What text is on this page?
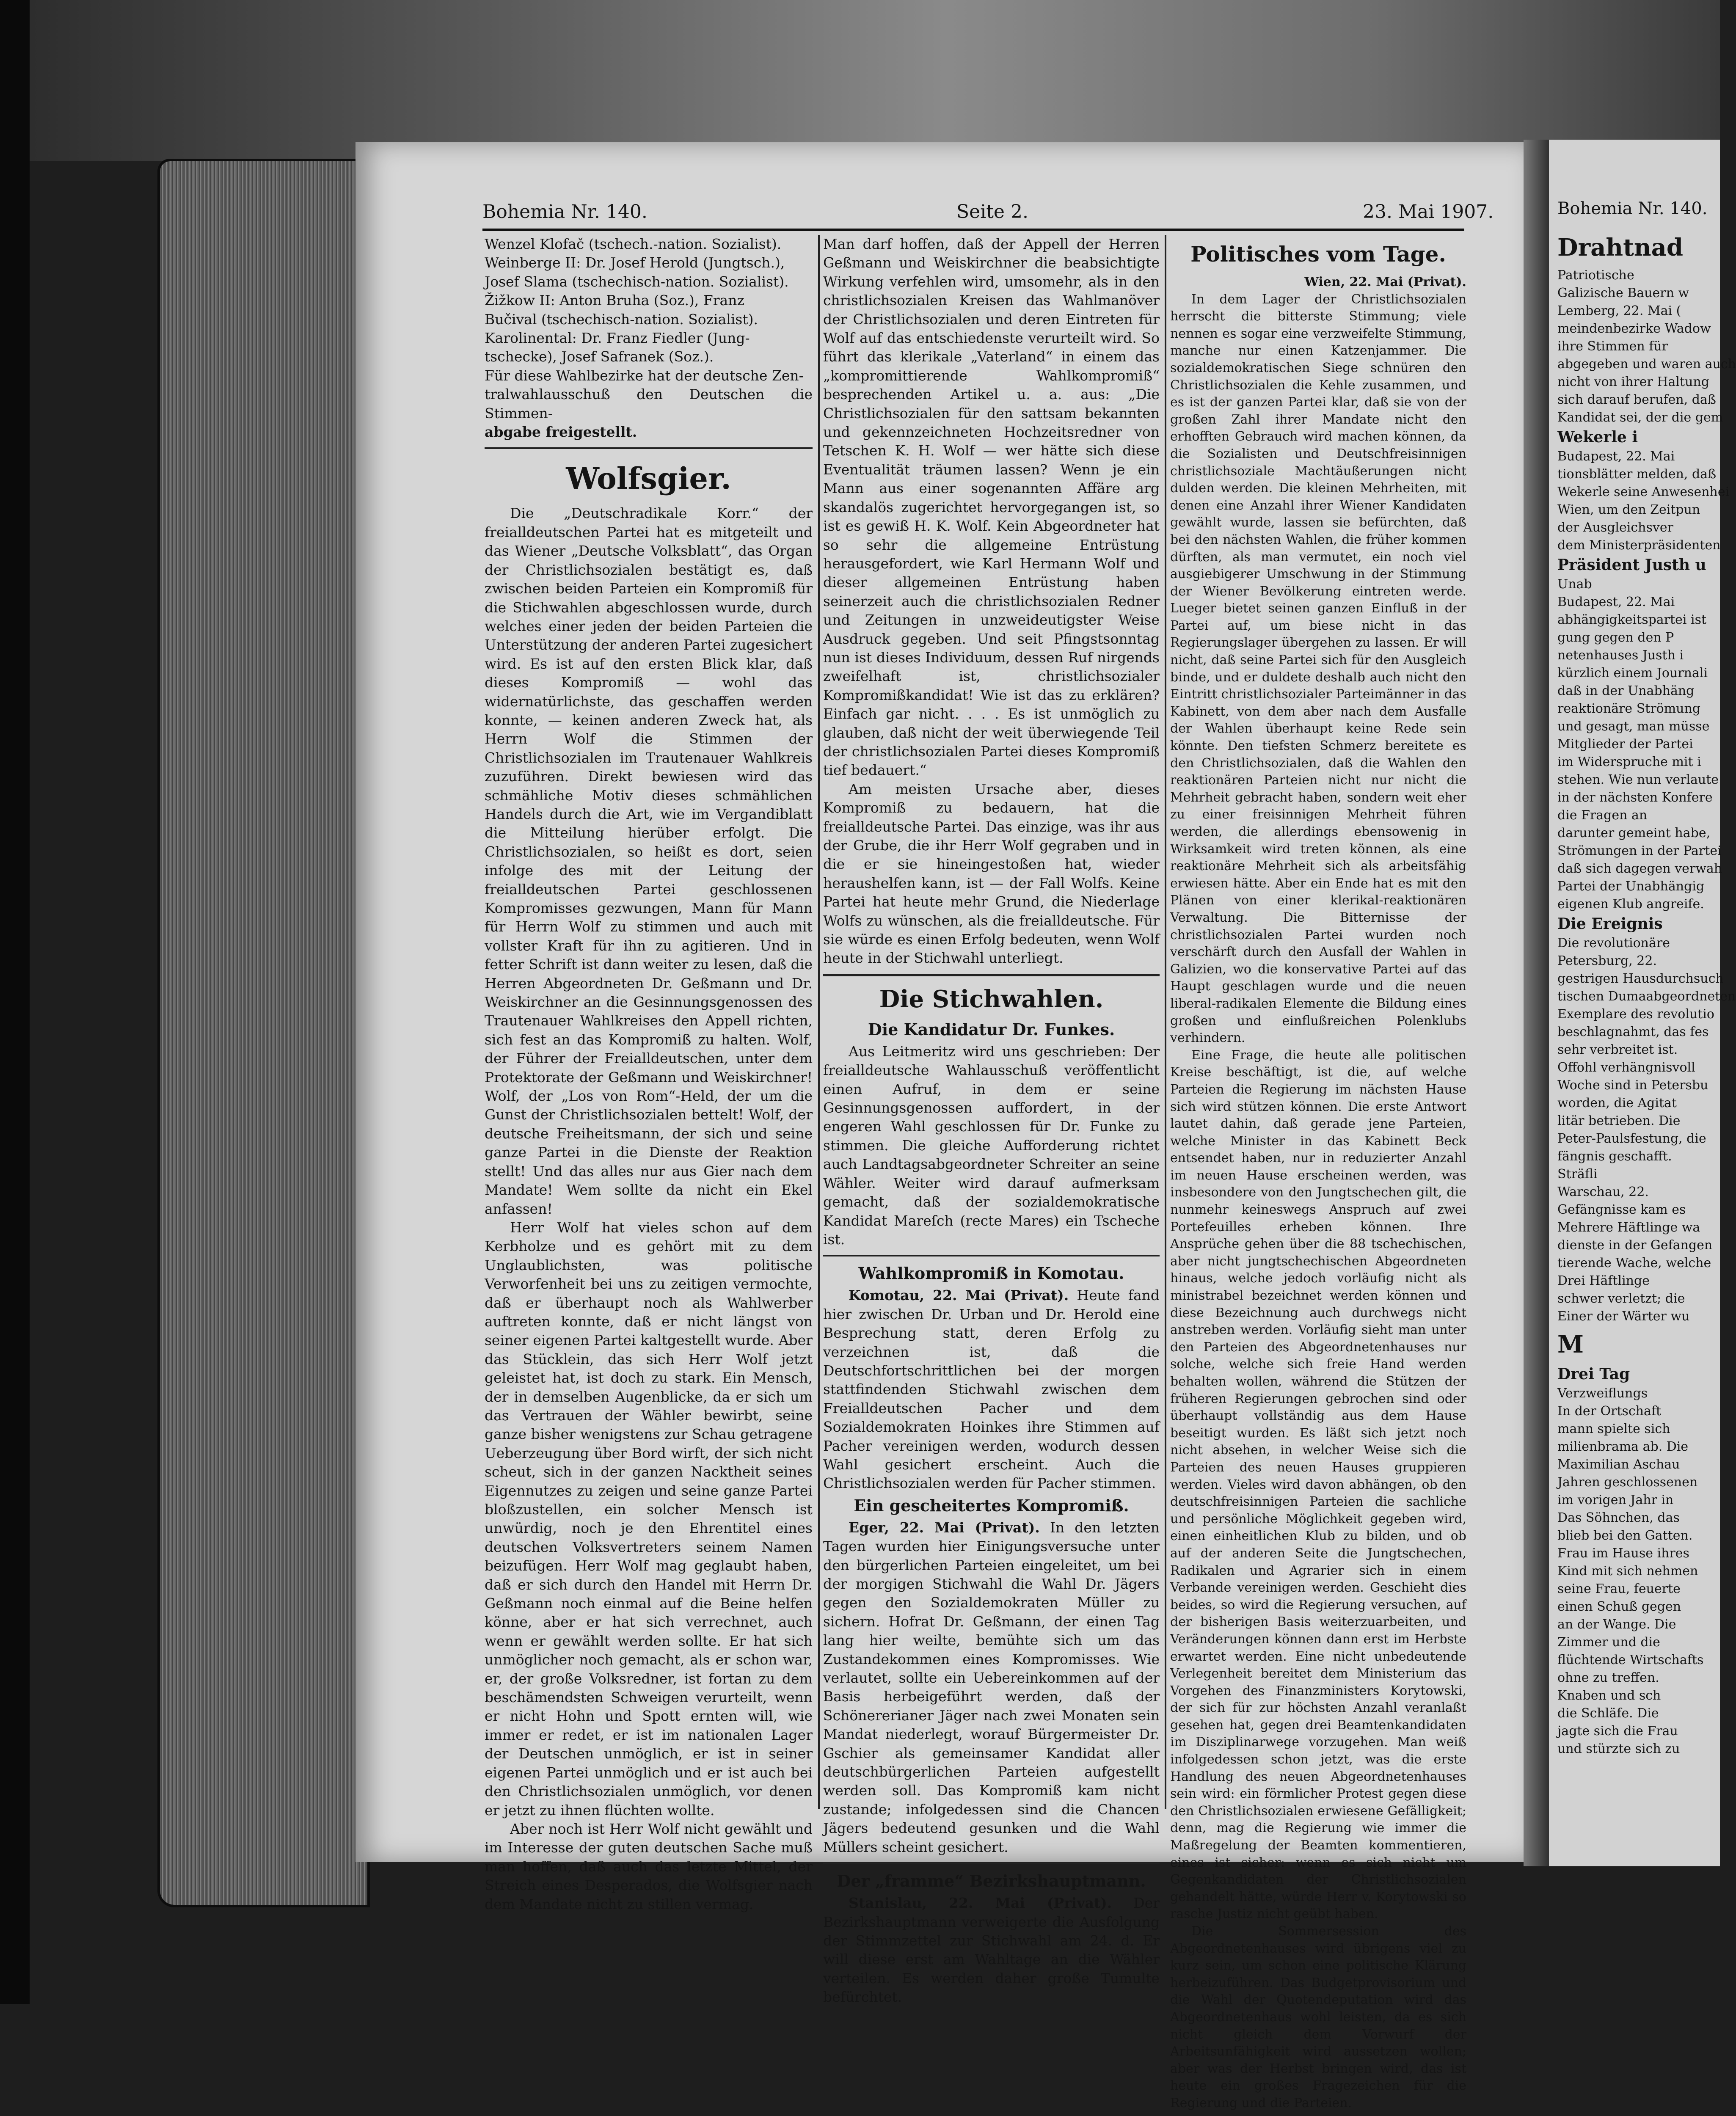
Bohemia Nr. 140.	Seite 2.	23. Mai 1907.

Wenzel Klofač (tschech.-nation. Sozialist).

Weinberge II: Dr. Josef Herold (Jungtsch.),

Josef Slama (tschechisch-nation. Sozialist).

Žižkow II: Anton Bruha (Soz.), Franz

Bučival (tschechisch-nation. Sozialist).

Karolinental: Dr. Franz Fiedler (Jung-

tschecke), Josef Safranek (Soz.).

Für diese Wahlbezirke hat der deutsche Zen-

tralwahlausschuß den Deutschen die Stimmen-

abgabe freigestellt.

Wolfsgier.

Die „Deutschradikale Korr.“ der freialldeutschen Partei hat es mitgeteilt und das Wiener „Deutsche Volksblatt“, das Organ der Christlichsozialen bestätigt es, daß zwischen beiden Parteien ein Kompromiß für die Stichwahlen abgeschlossen wurde, durch welches einer jeden der beiden Parteien die Unterstützung der anderen Partei zugesichert wird. Es ist auf den ersten Blick klar, daß dieses Kompromiß — wohl das widernatürlichste, das geschaffen werden konnte, — keinen anderen Zweck hat, als Herrn Wolf die Stimmen der Christlichsozialen im Trautenauer Wahlkreis zuzuführen. Direkt bewiesen wird das schmähliche Motiv dieses schmählichen Handels durch die Art, wie im Vergandiblatt die Mitteilung hierüber erfolgt. Die Christlichsozialen, so heißt es dort, seien infolge des mit der Leitung der freialldeutschen Partei geschlossenen Kompromisses gezwungen, Mann für Mann für Herrn Wolf zu stimmen und auch mit vollster Kraft für ihn zu agitieren. Und in fetter Schrift ist dann weiter zu lesen, daß die Herren Abgeordneten Dr. Geßmann und Dr. Weiskirchner an die Gesinnungsgenossen des Trautenauer Wahlkreises den Appell richten, sich fest an das Kompromiß zu halten. Wolf, der Führer der Freialldeutschen, unter dem Protektorate der Geßmann und Weiskirchner! Wolf, der „Los von Rom“-Held, der um die Gunst der Christlichsozialen bettelt! Wolf, der deutsche Freiheitsmann, der sich und seine ganze Partei in die Dienste der Reaktion stellt! Und das alles nur aus Gier nach dem Mandate! Wem sollte da nicht ein Ekel anfassen!

Herr Wolf hat vieles schon auf dem Kerbholze und es gehört mit zu dem Unglaublichsten, was politische Verworfenheit bei uns zu zeitigen vermochte, daß er überhaupt noch als Wahlwerber auftreten konnte, daß er nicht längst von seiner eigenen Partei kaltgestellt wurde. Aber das Stücklein, das sich Herr Wolf jetzt geleistet hat, ist doch zu stark. Ein Mensch, der in demselben Augenblicke, da er sich um das Vertrauen der Wähler bewirbt, seine ganze bisher wenigstens zur Schau getragene Ueberzeugung über Bord wirft, der sich nicht scheut, sich in der ganzen Nacktheit seines Eigennutzes zu zeigen und seine ganze Partei bloßzustellen, ein solcher Mensch ist unwürdig, noch je den Ehrentitel eines deutschen Volksvertreters seinem Namen beizufügen. Herr Wolf mag geglaubt haben, daß er sich durch den Handel mit Herrn Dr. Geßmann noch einmal auf die Beine helfen könne, aber er hat sich verrechnet, auch wenn er gewählt werden sollte. Er hat sich unmöglicher noch gemacht, als er schon war, er, der große Volksredner, ist fortan zu dem beschämendsten Schweigen verurteilt, wenn er nicht Hohn und Spott ernten will, wie immer er redet, er ist im nationalen Lager der Deutschen unmöglich, er ist in seiner eigenen Partei unmöglich und er ist auch bei den Christlichsozialen unmöglich, vor denen er jetzt zu ihnen flüchten wollte.

Aber noch ist Herr Wolf nicht gewählt und im Interesse der guten deutschen Sache muß man hoffen, daß auch das letzte Mittel, der Streich eines Desperados, die Wolfsgier nach dem Mandate nicht zu stillen vermag.

Man darf hoffen, daß der Appell der Herren Geßmann und Weiskirchner die beabsichtigte Wirkung verfehlen wird, umsomehr, als in den christlichsozialen Kreisen das Wahlmanöver der Christlichsozialen und deren Eintreten für Wolf auf das entschiedenste verurteilt wird. So führt das klerikale „Vaterland“ in einem das „kompromittierende Wahlkompromiß“ besprechenden Artikel u. a. aus: „Die Christlichsozialen für den sattsam bekannten und gekennzeichneten Hochzeitsredner von Tetschen K. H. Wolf — wer hätte sich diese Eventualität träumen lassen? Wenn je ein Mann aus einer sogenannten Affäre arg skandalös zugerichtet hervorgegangen ist, so ist es gewiß H. K. Wolf. Kein Abgeordneter hat so sehr die allgemeine Entrüstung herausgefordert, wie Karl Hermann Wolf und dieser allgemeinen Entrüstung haben seinerzeit auch die christlichsozialen Redner und Zeitungen in unzweideutigster Weise Ausdruck gegeben. Und seit Pfingstsonntag nun ist dieses Individuum, dessen Ruf nirgends zweifelhaft ist, christlichsozialer Kompromißkandidat! Wie ist das zu erklären? Einfach gar nicht. . . . Es ist unmöglich zu glauben, daß nicht der weit überwiegende Teil der christlichsozialen Partei dieses Kompromiß tief bedauert.“

Am meisten Ursache aber, dieses Kompromiß zu bedauern, hat die freialldeutsche Partei. Das einzige, was ihr aus der Grube, die ihr Herr Wolf gegraben und in die er sie hineingestoßen hat, wieder heraushelfen kann, ist — der Fall Wolfs. Keine Partei hat heute mehr Grund, die Niederlage Wolfs zu wünschen, als die freialldeutsche. Für sie würde es einen Erfolg bedeuten, wenn Wolf heute in der Stichwahl unterliegt.

Die Stichwahlen.
Die Kandidatur Dr. Funkes.

Aus Leitmeritz wird uns geschrieben: Der freialldeutsche Wahlausschuß veröffentlicht einen Aufruf, in dem er seine Gesinnungsgenossen auffordert, in der engeren Wahl geschlossen für Dr. Funke zu stimmen. Die gleiche Aufforderung richtet auch Landtagsabgeordneter Schreiter an seine Wähler. Weiter wird darauf aufmerksam gemacht, daß der sozialdemokratische Kandidat Mareſch (recte Mares) ein Tscheche ist.

Wahlkompromiß in Komotau.

Komotau, 22. Mai (Privat). Heute fand hier zwischen Dr. Urban und Dr. Herold eine Besprechung statt, deren Erfolg zu verzeichnen ist, daß die Deutschfortschrittlichen bei der morgen stattfindenden Stichwahl zwischen dem Freialldeutschen Pacher und dem Sozialdemokraten Hoinkes ihre Stimmen auf Pacher vereinigen werden, wodurch dessen Wahl gesichert erscheint. Auch die Christlichsozialen werden für Pacher stimmen.

Ein gescheitertes Kompromiß.

Eger, 22. Mai (Privat). In den letzten Tagen wurden hier Einigungsversuche unter den bürgerlichen Parteien eingeleitet, um bei der morgigen Stichwahl die Wahl Dr. Jägers gegen den Sozialdemokraten Müller zu sichern. Hofrat Dr. Geßmann, der einen Tag lang hier weilte, bemühte sich um das Zustandekommen eines Kompromisses. Wie verlautet, sollte ein Uebereinkommen auf der Basis herbeigeführt werden, daß der Schönererianer Jäger nach zwei Monaten sein Mandat niederlegt, worauf Bürgermeister Dr. Gschier als gemeinsamer Kandidat aller deutschbürgerlichen Parteien aufgestellt werden soll. Das Kompromiß kam nicht zustande; infolgedessen sind die Chancen Jägers bedeutend gesunken und die Wahl Müllers scheint gesichert.

Der „framme“ Bezirkshauptmann.

Stanislau, 22. Mai (Privat). Der Bezirkshauptmann verweigerte die Ausfolgung der Stimmzettel zur Stichwahl am 24. d. Er will diese erst am Wahltage an die Wähler verteilen. Es werden daher große Tumulte befürchtet.

Politisches vom Tage.

Wien, 22. Mai (Privat).

In dem Lager der Christlichsozialen herrscht die bitterste Stimmung; viele nennen es sogar eine verzweifelte Stimmung, manche nur einen Katzenjammer. Die sozialdemokratischen Siege schnüren den Christlichsozialen die Kehle zusammen, und es ist der ganzen Partei klar, daß sie von der großen Zahl ihrer Mandate nicht den erhofften Gebrauch wird machen können, da die Sozialisten und Deutschfreisinnigen christlichsoziale Machtäußerungen nicht dulden werden. Die kleinen Mehrheiten, mit denen eine Anzahl ihrer Wiener Kandidaten gewählt wurde, lassen sie befürchten, daß bei den nächsten Wahlen, die früher kommen dürften, als man vermutet, ein noch viel ausgiebigerer Umschwung in der Stimmung der Wiener Bevölkerung eintreten werde. Lueger bietet seinen ganzen Einfluß in der Partei auf, um biese nicht in das Regierungslager übergehen zu lassen. Er will nicht, daß seine Partei sich für den Ausgleich binde, und er duldete deshalb auch nicht den Eintritt christlichsozialer Parteimänner in das Kabinett, von dem aber nach dem Ausfalle der Wahlen überhaupt keine Rede sein könnte. Den tiefsten Schmerz bereitete es den Christlichsozialen, daß die Wahlen den reaktionären Parteien nicht nur nicht die Mehrheit gebracht haben, sondern weit eher zu einer freisinnigen Mehrheit führen werden, die allerdings ebensowenig in Wirksamkeit wird treten können, als eine reaktionäre Mehrheit sich als arbeitsfähig erwiesen hätte. Aber ein Ende hat es mit den Plänen von einer klerikal-reaktionären Verwaltung. Die Bitternisse der christlichsozialen Partei wurden noch verschärft durch den Ausfall der Wahlen in Galizien, wo die konservative Partei auf das Haupt geschlagen wurde und die neuen liberal-radikalen Elemente die Bildung eines großen und einflußreichen Polenklubs verhindern.

Eine Frage, die heute alle politischen Kreise beschäftigt, ist die, auf welche Parteien die Regierung im nächsten Hause sich wird stützen können. Die erste Antwort lautet dahin, daß gerade jene Parteien, welche Minister in das Kabinett Beck entsendet haben, nur in reduzierter Anzahl im neuen Hause erscheinen werden, was insbesondere von den Jungtschechen gilt, die nunmehr keineswegs Anspruch auf zwei Portefeuilles erheben können. Ihre Ansprüche gehen über die 88 tschechischen, aber nicht jungtschechischen Abgeordneten hinaus, welche jedoch vorläufig nicht als ministrabel bezeichnet werden können und diese Bezeichnung auch durchwegs nicht anstreben werden. Vorläufig sieht man unter den Parteien des Abgeordnetenhauses nur solche, welche sich freie Hand werden behalten wollen, während die Stützen der früheren Regierungen gebrochen sind oder überhaupt vollständig aus dem Hause beseitigt wurden. Es läßt sich jetzt noch nicht absehen, in welcher Weise sich die Parteien des neuen Hauses gruppieren werden. Vieles wird davon abhängen, ob den deutschfreisinnigen Parteien die sachliche und persönliche Möglichkeit gegeben wird, einen einheitlichen Klub zu bilden, und ob auf der anderen Seite die Jungtschechen, Radikalen und Agrarier sich in einem Verbande vereinigen werden. Geschieht dies beides, so wird die Regierung versuchen, auf der bisherigen Basis weiterzuarbeiten, und Veränderungen können dann erst im Herbste erwartet werden. Eine nicht unbedeutende Verlegenheit bereitet dem Ministerium das Vorgehen des Finanzministers Korytowski, der sich für zur höchsten Anzahl veranlaßt gesehen hat, gegen drei Beamtenkandidaten im Disziplinarwege vorzugehen. Man weiß infolgedessen schon jetzt, was die erste Handlung des neuen Abgeordnetenhauses sein wird: ein förmlicher Protest gegen diese den Christlichsozialen erwiesene Gefälligkeit; denn, mag die Regierung wie immer die Maßregelung der Beamten kommentieren, eines ist sicher: wenn es sich nicht um Gegenkandidaten der Christlichsozialen gehandelt hätte, würde Herr v. Korytowski so rasche Justiz nicht geübt haben.

Die Sommersession des Abgeordnetenhauses wird übrigens viel zu kurz sein, um schon eine politische Klärung herbeizuführen. Das Budgetprovisorium und die Wahl der Quotendeputation wird das Abgeordnetenhaus wohl leisten, da es sich nicht gleich dem Vorwurf der Arbeitsunfähigkeit wird aussetzen wollen; aber was der Herbst bringen wird, das ist heute ein großes Fragezeichen für die Regierung und die Parteien.

Bohemia Nr. 140.

Drahtnad

Patriotische

Galizische Bauern w

Lemberg, 22. Mai (

meindenbezirke Wadow

ihre Stimmen für

abgegeben und waren auch

nicht von ihrer Haltung

sich darauf berufen, daß

Kandidat sei, der die gem

Wekerle i

Budapest, 22. Mai

tionsblätter melden, daß

Wekerle seine Anwesenhei

Wien, um den Zeitpun

der Ausgleichsver

dem Ministerpräsidenten

Präsident Justh u

Unab

Budapest, 22. Mai

abhängigkeitspartei ist

gung gegen den P

netenhauses Justh i

kürzlich einem Journali

daß in der Unabhäng

reaktionäre Strömung

und gesagt, man müsse

Mitglieder der Partei

im Widerspruche mit i

stehen. Wie nun verlaute

in der nächsten Konfere

die Fragen an

darunter gemeint habe,

Strömungen in der Partei

daß sich dagegen verwah

Partei der Unabhängig

eigenen Klub angreife.

Die Ereignis

Die revolutionäre

Petersburg, 22.

gestrigen Hausdurchsuch

tischen Dumaabgeordneten

Exemplare des revolutio

beschlagnahmt, das fes

sehr verbreitet ist.

Offohl verhängnisvoll

Woche sind in Petersbu

worden, die Agitat

litär betrieben. Die

Peter-Paulsfestung, die

fängnis geschafft.

Sträfli

Warschau, 22.

Gefängnisse kam es

Mehrere Häftlinge wa

dienste in der Gefangen

tierende Wache, welche

Drei Häftlinge

schwer verletzt; die

Einer der Wärter wu

M

Drei Tag

Verzweiflungs

In der Ortschaft

mann spielte sich

milienbrama ab. Die

Maximilian Aschau

Jahren geschlossenen

im vorigen Jahr in

Das Söhnchen, das

blieb bei den Gatten.

Frau im Hause ihres

Kind mit sich nehmen

seine Frau, feuerte

einen Schuß gegen

an der Wange. Die

Zimmer und die

flüchtende Wirtschafts

ohne zu treffen.

Knaben und sch

die Schläfe. Die

jagte sich die Frau

und stürzte sich zu
